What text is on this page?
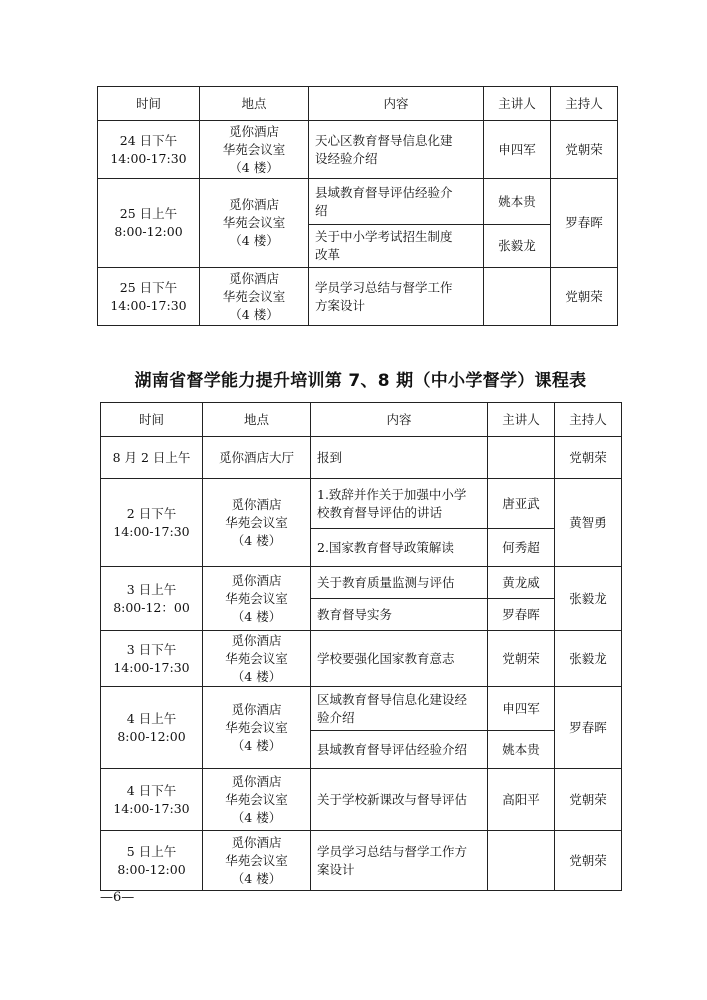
时间	地点	内容	主讲人	主持人

24 日下午
14:00-17:30	觅你酒店
华苑会议室
（4 楼）	天心区教育督导信息化建
设经验介绍	申四军	党朝荣

25 日上午
8:00-12:00	觅你酒店
华苑会议室
（4 楼）	县域教育督导评估经验介
绍	姚本贵	罗春晖

		关于中小学考试招生制度
改革	张毅龙	

25 日下午
14:00-17:30	觅你酒店
华苑会议室
（4 楼）	学员学习总结与督学工作
方案设计		党朝荣
湖南省督学能力提升培训第 7、8 期（中小学督学）课程表
时间	地点	内容	主讲人	主持人
8 月 2 日上午	觅你酒店大厅	报到		党朝荣

2 日下午
14:00-17:30	觅你酒店
华苑会议室
（4 楼）	1.致辞并作关于加强中小学
校教育督导评估的讲话	唐亚武	黄智勇
		2.国家教育督导政策解读	何秀超	

3 日上午
8:00-12：00	觅你酒店
华苑会议室
（4 楼）	关于教育质量监测与评估	黄龙威	张毅龙
		教育督导实务	罗春晖	

3 日下午
14:00-17:30	觅你酒店
华苑会议室
（4 楼）	学校要强化国家教育意志	党朝荣	张毅龙

4 日上午
8:00-12:00	觅你酒店
华苑会议室
（4 楼）	区域教育督导信息化建设经
验介绍	申四军	罗春晖
		县域教育督导评估经验介绍	姚本贵	

4 日下午
14:00-17:30	觅你酒店
华苑会议室
（4 楼）	关于学校新课改与督导评估	高阳平	党朝荣

5 日上午
8:00-12:00	觅你酒店
华苑会议室
（4 楼）	学员学习总结与督学工作方
案设计		党朝荣
—6—
